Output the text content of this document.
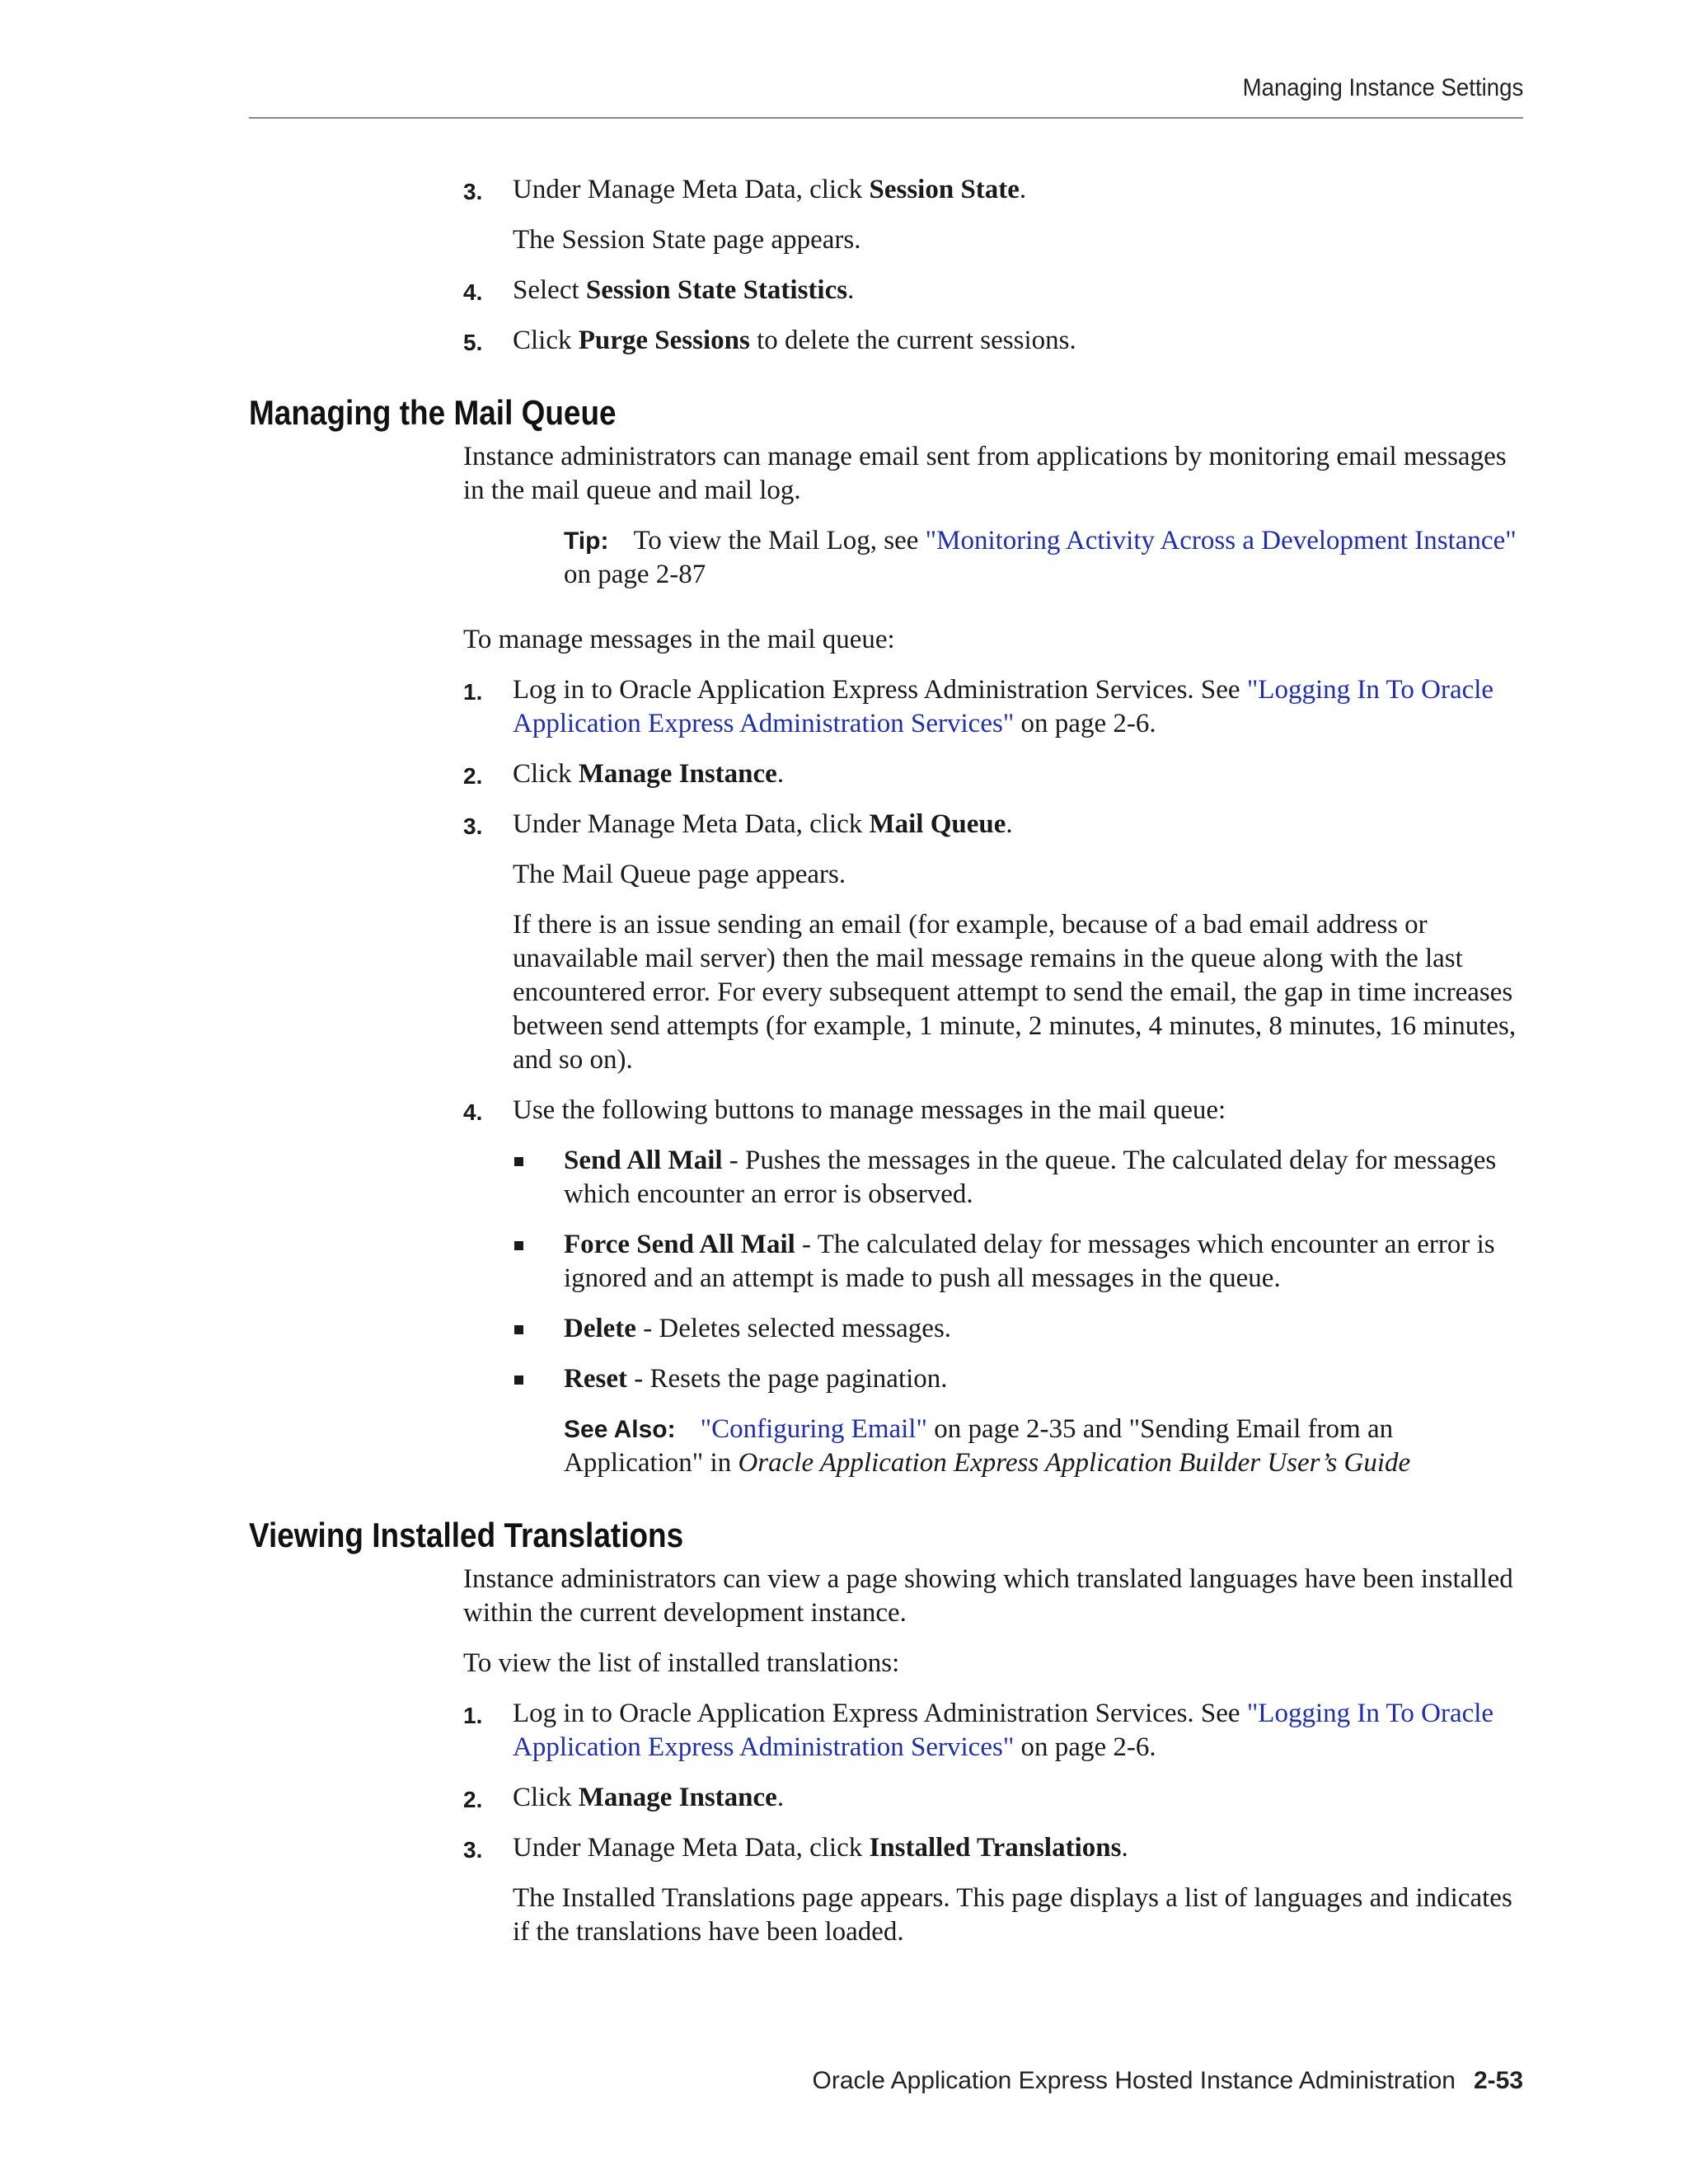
Managing Instance Settings
3. Under Manage Meta Data, click Session State.
The Session State page appears.
4. Select Session State Statistics.
5. Click Purge Sessions to delete the current sessions.
Managing the Mail Queue
Instance administrators can manage email sent from applications by monitoring email messages in the mail queue and mail log.
Tip: To view the Mail Log, see "Monitoring Activity Across a Development Instance" on page 2-87
To manage messages in the mail queue:
1. Log in to Oracle Application Express Administration Services. See "Logging In To Oracle Application Express Administration Services" on page 2-6.
2. Click Manage Instance.
3. Under Manage Meta Data, click Mail Queue.
The Mail Queue page appears.
If there is an issue sending an email (for example, because of a bad email address or unavailable mail server) then the mail message remains in the queue along with the last encountered error. For every subsequent attempt to send the email, the gap in time increases between send attempts (for example, 1 minute, 2 minutes, 4 minutes, 8 minutes, 16 minutes, and so on).
4. Use the following buttons to manage messages in the mail queue:
Send All Mail - Pushes the messages in the queue. The calculated delay for messages which encounter an error is observed.
Force Send All Mail - The calculated delay for messages which encounter an error is ignored and an attempt is made to push all messages in the queue.
Delete - Deletes selected messages.
Reset - Resets the page pagination.
See Also: "Configuring Email" on page 2-35 and "Sending Email from an Application" in Oracle Application Express Application Builder User’s Guide
Viewing Installed Translations
Instance administrators can view a page showing which translated languages have been installed within the current development instance.
To view the list of installed translations:
1. Log in to Oracle Application Express Administration Services. See "Logging In To Oracle Application Express Administration Services" on page 2-6.
2. Click Manage Instance.
3. Under Manage Meta Data, click Installed Translations.
The Installed Translations page appears. This page displays a list of languages and indicates if the translations have been loaded.
Oracle Application Express Hosted Instance Administration 2-53
